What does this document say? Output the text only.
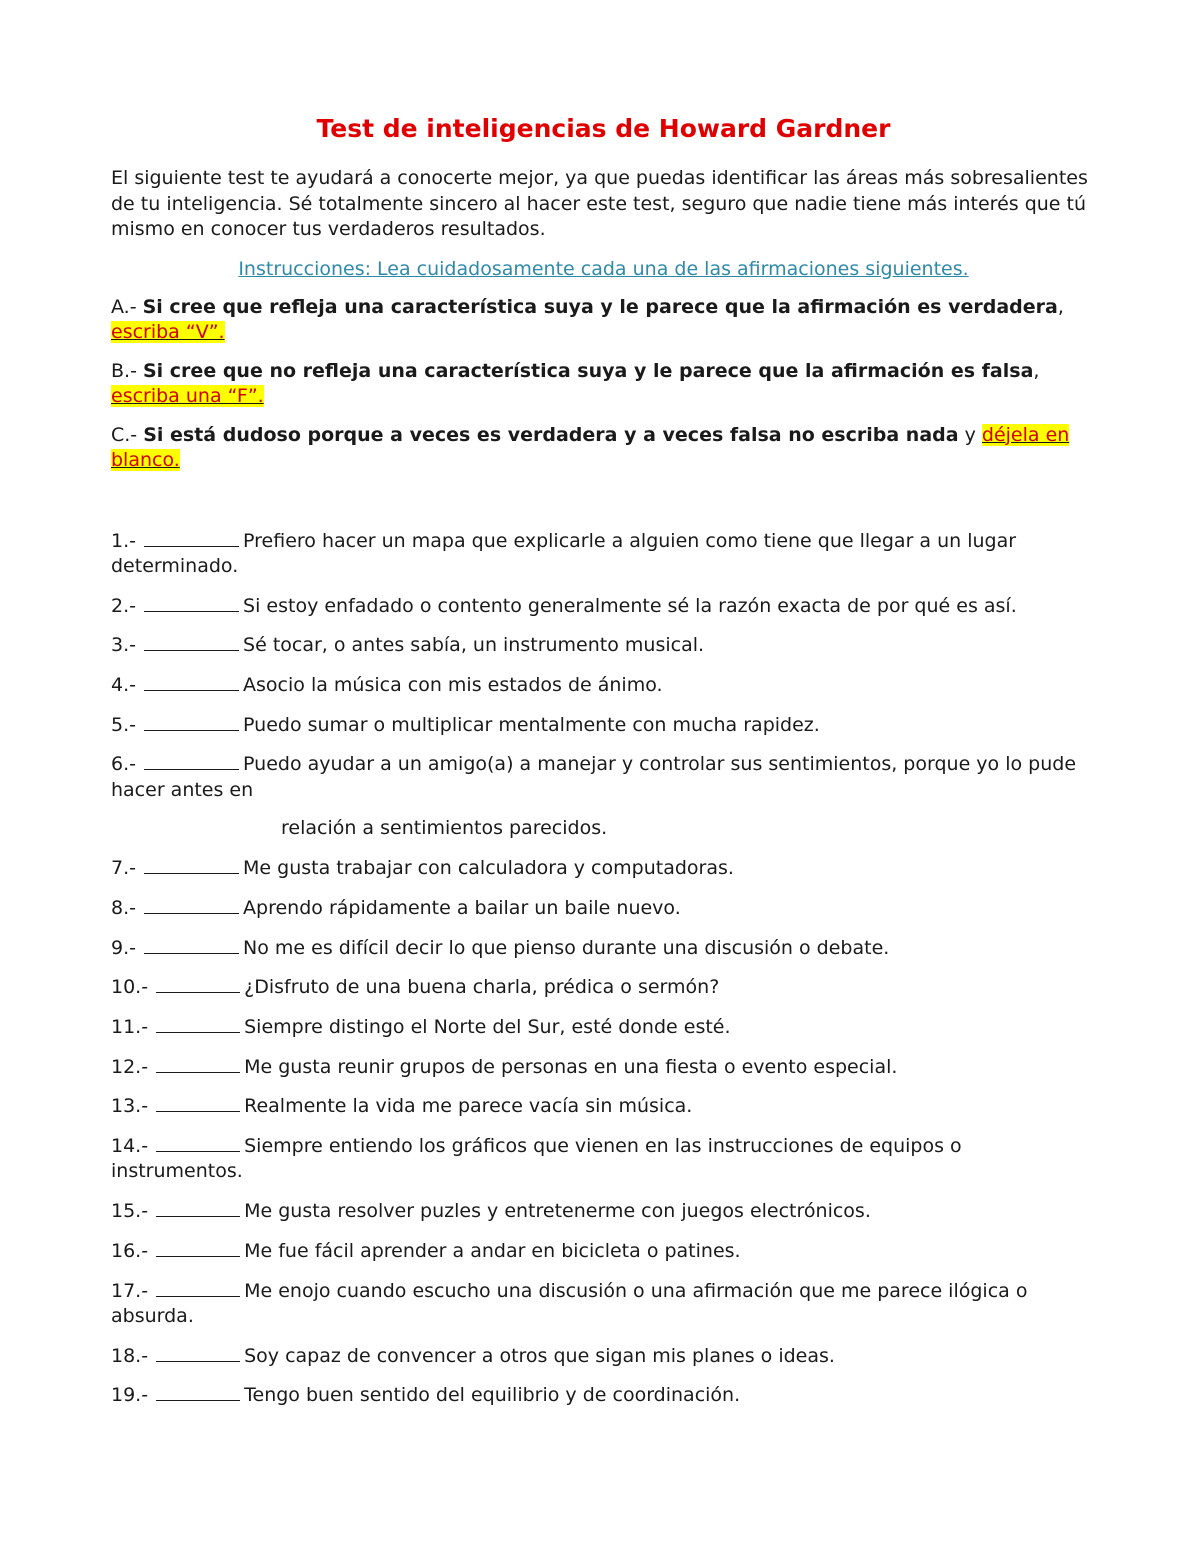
Test de inteligencias de Howard Gardner

El siguiente test te ayudará a conocerte mejor, ya que puedas identificar las áreas más sobresalientes de tu inteligencia. Sé totalmente sincero al hacer este test, seguro que nadie tiene más interés que tú mismo en conocer tus verdaderos resultados.

Instrucciones: Lea cuidadosamente cada una de las afirmaciones siguientes.

A.- Si cree que refleja una característica suya y le parece que la afirmación es verdadera, escriba “V”.

B.- Si cree que no refleja una característica suya y le parece que la afirmación es falsa, escriba una “F”.

C.- Si está dudoso porque a veces es verdadera y a veces falsa no escriba nada y déjela en blanco.

1.-	Prefiero hacer un mapa que explicarle a alguien como tiene que llegar a un lugar determinado.
2.-	Si estoy enfadado o contento generalmente sé la razón exacta de por qué es así.
3.-	Sé tocar, o antes sabía, un instrumento musical.
4.-	Asocio la música con mis estados de ánimo.
5.-	Puedo sumar o multiplicar mentalmente con mucha rapidez.
6.-	Puedo ayudar a un amigo(a) a manejar y controlar sus sentimientos, porque yo lo pude hacer antes en
relación a sentimientos parecidos.
7.-	Me gusta trabajar con calculadora y computadoras.
8.-	Aprendo rápidamente a bailar un baile nuevo.
9.-	No me es difícil decir lo que pienso durante una discusión o debate.
10.-	¿Disfruto de una buena charla, prédica o sermón?
11.-	Siempre distingo el Norte del Sur, esté donde esté.
12.-	Me gusta reunir grupos de personas en una fiesta o evento especial.
13.-	Realmente la vida me parece vacía sin música.
14.-	Siempre entiendo los gráficos que vienen en las instrucciones de equipos o instrumentos.
15.-	Me gusta resolver puzles y entretenerme con juegos electrónicos.
16.-	Me fue fácil aprender a andar en bicicleta o patines.
17.-	Me enojo cuando escucho una discusión o una afirmación que me parece ilógica o absurda.
18.-	Soy capaz de convencer a otros que sigan mis planes o ideas.
19.-	Tengo buen sentido del equilibrio y de coordinación.
